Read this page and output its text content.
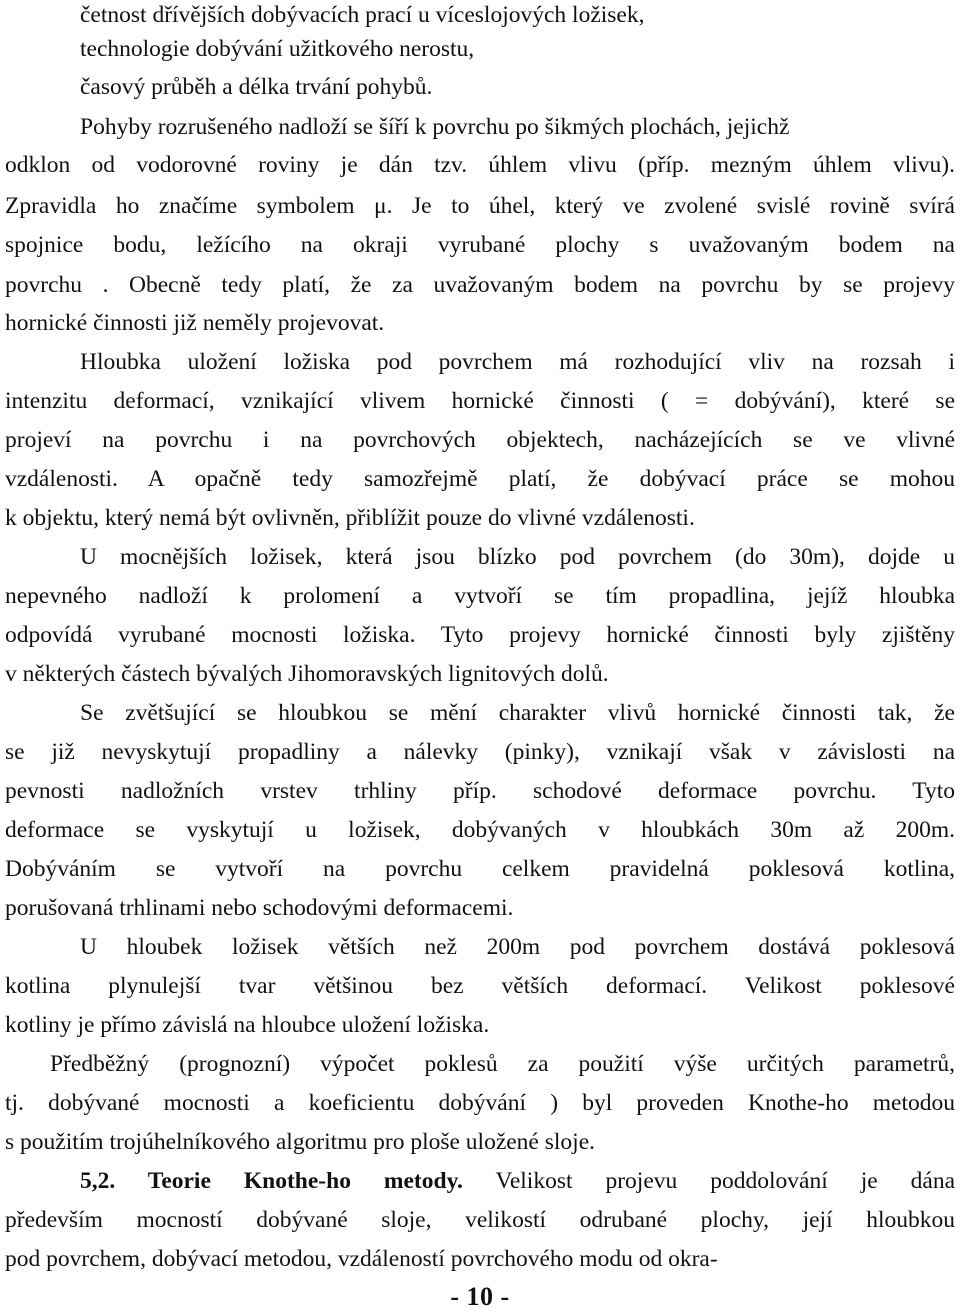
četnost dřívějších dobývacích prací u víceslojových ložisek,
technologie dobývání užitkového nerostu,
časový průběh a délka trvání pohybů.
Pohyby rozrušeného nadloží se šíří k povrchu po šikmých plochách, jejichž
odklon od vodorovné roviny je dán tzv. úhlem vlivu (příp. mezným úhlem vlivu).
Zpravidla ho značíme symbolem μ. Je to úhel, který ve zvolené svislé rovině svírá
spojnice bodu, ležícího na okraji vyrubané plochy s uvažovaným bodem na
povrchu . Obecně tedy platí, že za uvažovaným bodem na povrchu by se projevy
hornické činnosti již neměly projevovat.
Hloubka uložení ložiska pod povrchem má rozhodující vliv na rozsah i
intenzitu deformací, vznikající vlivem hornické činnosti ( = dobývání), které se
projeví na povrchu i na povrchových objektech, nacházejících se ve vlivné
vzdálenosti. A opačně tedy samozřejmě platí, že dobývací práce se mohou
k objektu, který nemá být ovlivněn, přiblížit pouze do vlivné vzdálenosti.
U mocnějších ložisek, která jsou blízko pod povrchem (do 30m), dojde u
nepevného nadloží k prolomení a vytvoří se tím propadlina, jejíž hloubka
odpovídá vyrubané mocnosti ložiska. Tyto projevy hornické činnosti byly zjištěny
v některých částech bývalých Jihomoravských lignitových dolů.
Se zvětšující se hloubkou se mění charakter vlivů hornické činnosti tak, že
se již nevyskytují propadliny a nálevky (pinky), vznikají však v závislosti na
pevnosti nadložních vrstev trhliny příp. schodové deformace povrchu. Tyto
deformace se vyskytují u ložisek, dobývaných v hloubkách 30m až 200m.
Dobýváním se vytvoří na povrchu celkem pravidelná poklesová kotlina,
porušovaná trhlinami nebo schodovými deformacemi.
U hloubek ložisek větších než 200m pod povrchem dostává poklesová
kotlina plynulejší tvar většinou bez větších deformací. Velikost poklesové
kotliny je přímo závislá na hloubce uložení ložiska.
Předběžný (prognozní) výpočet poklesů za použití výše určitých parametrů,
tj. dobývané mocnosti a koeficientu dobývání ) byl proveden Knothe-ho metodou
s použitím trojúhelníkového algoritmu pro ploše uložené sloje.
5,2. Teorie Knothe-ho metody. Velikost projevu poddolování je dána
především mocností dobývané sloje, velikostí odrubané plochy, její hloubkou
pod povrchem, dobývací metodou, vzdáleností povrchového modu od okra-
- 10 -
